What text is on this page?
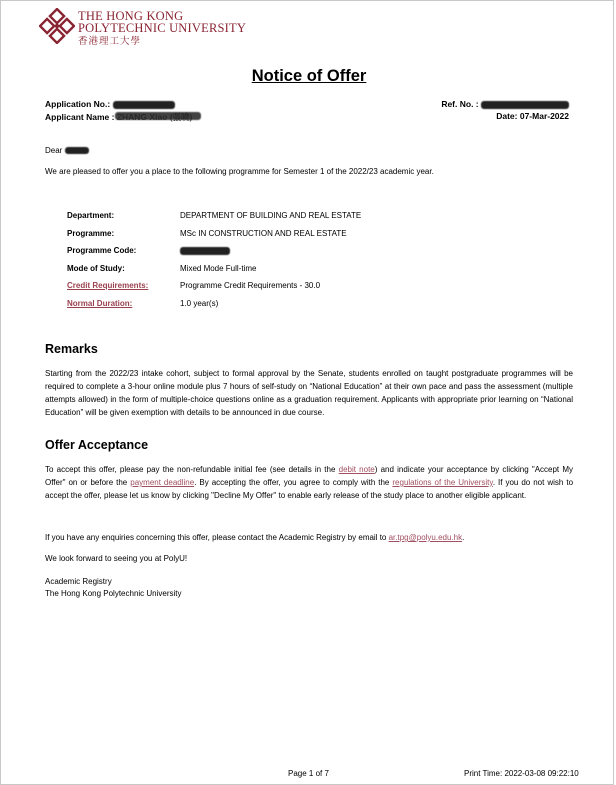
THE HONG KONG
POLYTECHNIC UNIVERSITY
香港理工大學
Notice of Offer
Application No.:
Applicant Name :
Ref. No. :
Date: 07-Mar-2022
Dear
We are pleased to offer you a place to the following programme for Semester 1 of the 2022/23 academic year.
Department:	DEPARTMENT OF BUILDING AND REAL ESTATE
Programme:	MSc IN CONSTRUCTION AND REAL ESTATE
Programme Code:
Mode of Study:	Mixed Mode Full-time
Credit Requirements:	Programme Credit Requirements - 30.0
Normal Duration:	1.0 year(s)
Remarks
Starting from the 2022/23 intake cohort, subject to formal approval by the Senate, students enrolled on taught postgraduate programmes will be required to complete a 3-hour online module plus 7 hours of self-study on “National Education” at their own pace and pass the assessment (multiple attempts allowed) in the form of multiple-choice questions online as a graduation requirement. Applicants with appropriate prior learning on “National Education” will be given exemption with details to be announced in due course.
Offer Acceptance
To accept this offer, please pay the non-refundable initial fee (see details in the debit note) and indicate your acceptance by clicking "Accept My Offer" on or before the payment deadline. By accepting the offer, you agree to comply with the regulations of the University. If you do not wish to accept the offer, please let us know by clicking "Decline My Offer" to enable early release of the study place to another eligible applicant.
If you have any enquiries concerning this offer, please contact the Academic Registry by email to ar.tpg@polyu.edu.hk.
We look forward to seeing you at PolyU!
Academic Registry
The Hong Kong Polytechnic University
Page 1 of 7	Print Time: 2022-03-08 09:22:10
